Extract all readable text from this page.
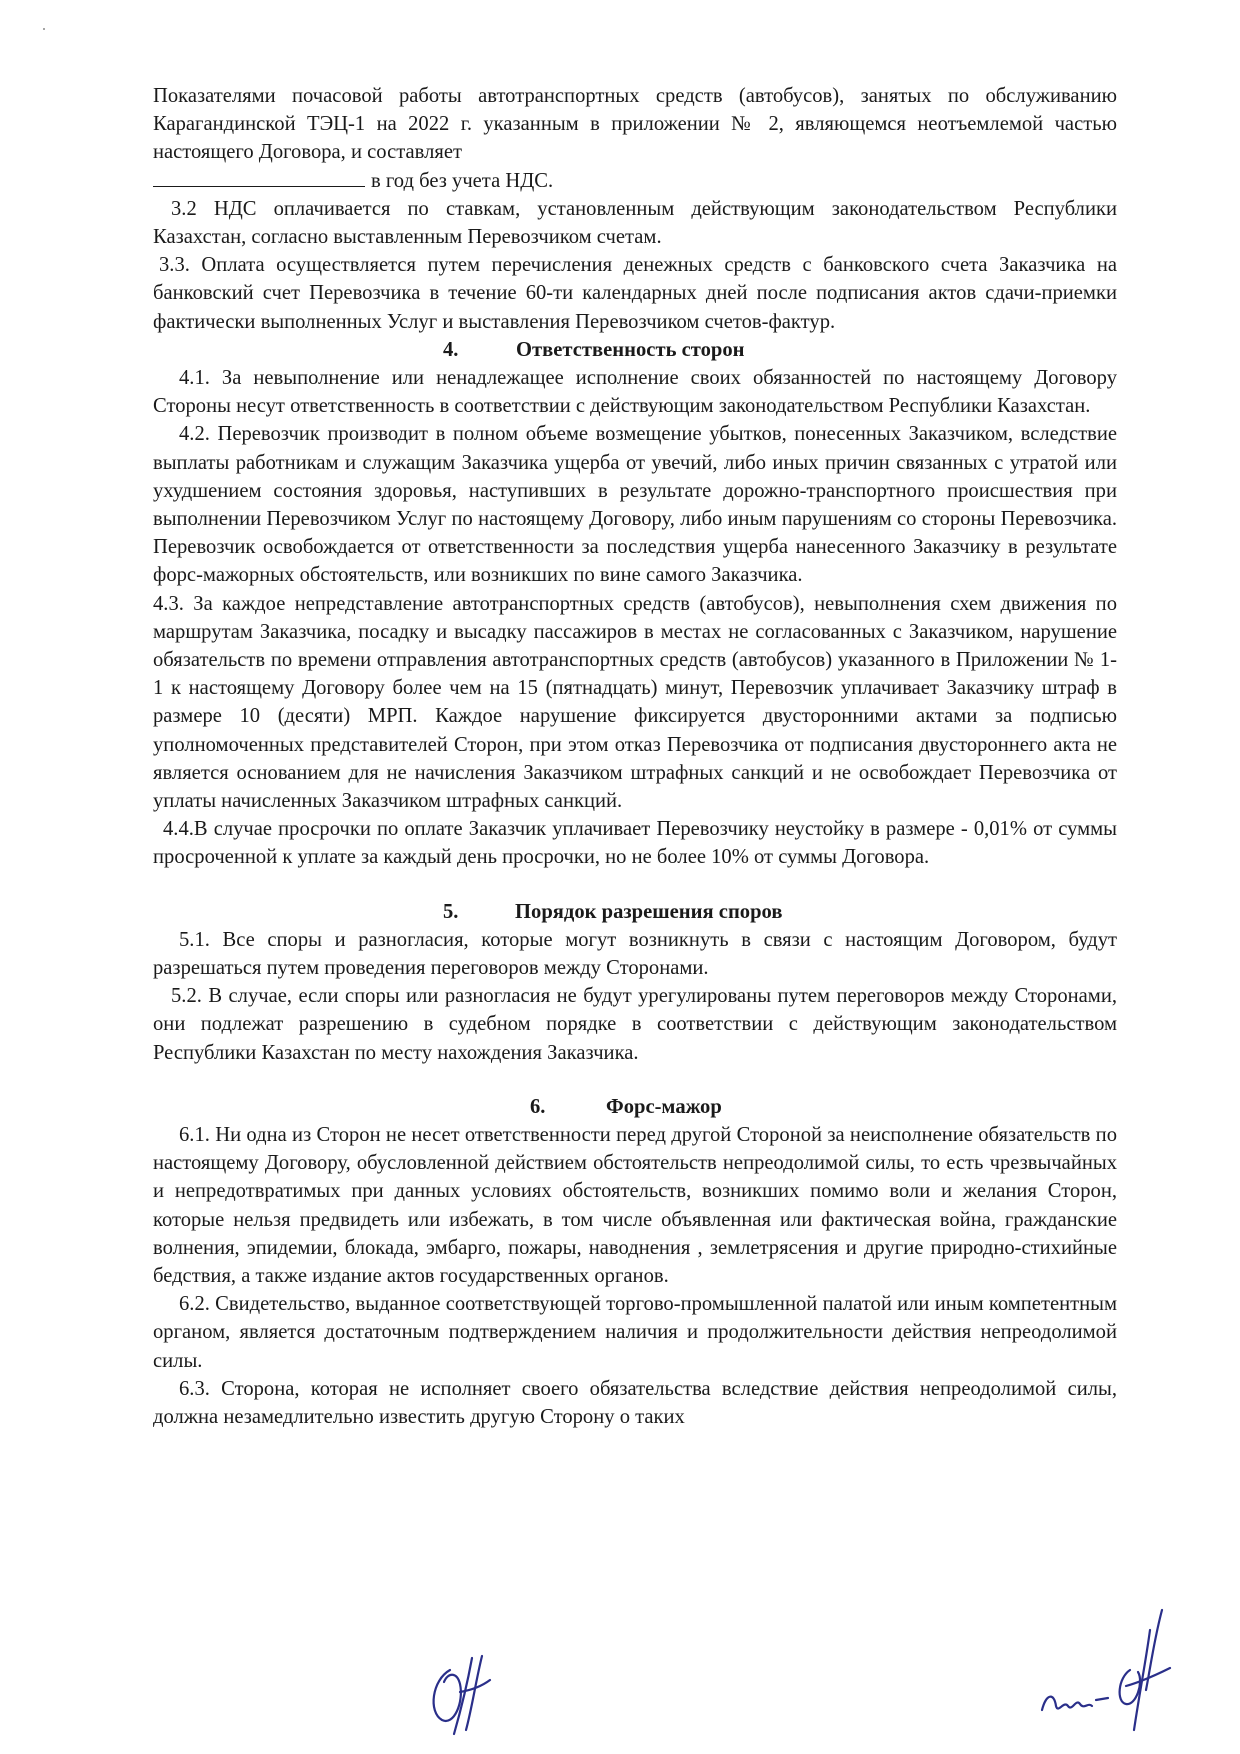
Показателями почасовой работы автотранспортных средств (автобусов), занятых по обслуживанию Карагандинской ТЭЦ-1 на 2022 г. указанным в приложении № 2, являющемся неотъемлемой частью настоящего Договора, и составляет
в год без учета НДС.

3.2 НДС оплачивается по ставкам, установленным действующим законодательством Республики Казахстан, согласно выставленным Перевозчиком счетам.

3.3. Оплата осуществляется путем перечисления денежных средств с банковского счета Заказчика на банковский счет Перевозчика в течение 60-ти календарных дней после подписания актов сдачи-приемки фактически выполненных Услуг и выставления Перевозчиком счетов-фактур.

4.	Ответственность сторон

4.1. За невыполнение или ненадлежащее исполнение своих обязанностей по настоящему Договору Стороны несут ответственность в соответствии с действующим законодательством Республики Казахстан.

4.2. Перевозчик производит в полном объеме возмещение убытков, понесенных Заказчиком, вследствие выплаты работникам и служащим Заказчика ущерба от увечий, либо иных причин связанных с утратой или ухудшением состояния здоровья, наступивших в результате дорожно-транспортного происшествия при выполнении Перевозчиком Услуг по настоящему Договору, либо иным парушениям со стороны Перевозчика. Перевозчик освобождается от ответственности за последствия ущерба нанесенного Заказчику в результате форс-мажорных обстоятельств, или возникших по вине самого Заказчика.

4.3. За каждое непредставление автотранспортных средств (автобусов), невыполнения схем движения по маршрутам Заказчика, посадку и высадку пассажиров в местах не согласованных с Заказчиком, нарушение обязательств по времени отправления автотранспортных средств (автобусов) указанного в Приложении № 1-1 к настоящему Договору более чем на 15 (пятнадцать) минут, Перевозчик уплачивает Заказчику штраф в размере 10 (десяти) МРП. Каждое нарушение фиксируется двусторонними актами за подписью уполномоченных представителей Сторон, при этом отказ Перевозчика от подписания двустороннего акта не является основанием для не начисления Заказчиком штрафных санкций и не освобождает Перевозчика от уплаты начисленных Заказчиком штрафных санкций.

4.4.В случае просрочки по оплате Заказчик уплачивает Перевозчику неустойку в размере - 0,01% от суммы просроченной к уплате за каждый день просрочки, но не более 10% от суммы Договора.

5.	Порядок разрешения споров

5.1. Все споры и разногласия, которые могут возникнуть в связи с настоящим Договором, будут разрешаться путем проведения переговоров между Сторонами.

5.2. В случае, если споры или разногласия не будут урегулированы путем переговоров между Сторонами, они подлежат разрешению в судебном порядке в соответствии с действующим законодательством Республики Казахстан по месту нахождения Заказчика.

6.	Форс-мажор

6.1. Ни одна из Сторон не несет ответственности перед другой Стороной за неисполнение обязательств по настоящему Договору, обусловленной действием обстоятельств непреодолимой силы, то есть чрезвычайных и непредотвратимых при данных условиях обстоятельств, возникших помимо воли и желания Сторон, которые нельзя предвидеть или избежать, в том числе объявленная или фактическая война, гражданские волнения, эпидемии, блокада, эмбарго, пожары, наводнения , землетрясения и другие природно-стихийные бедствия, а также издание актов государственных органов.

6.2. Свидетельство, выданное соответствующей торгово-промышленной палатой или иным компетентным органом, является достаточным подтверждением наличия и продолжительности действия непреодолимой силы.

6.3. Сторона, которая не исполняет своего обязательства вследствие действия непреодолимой силы, должна незамедлительно известить другую Сторону о таких
